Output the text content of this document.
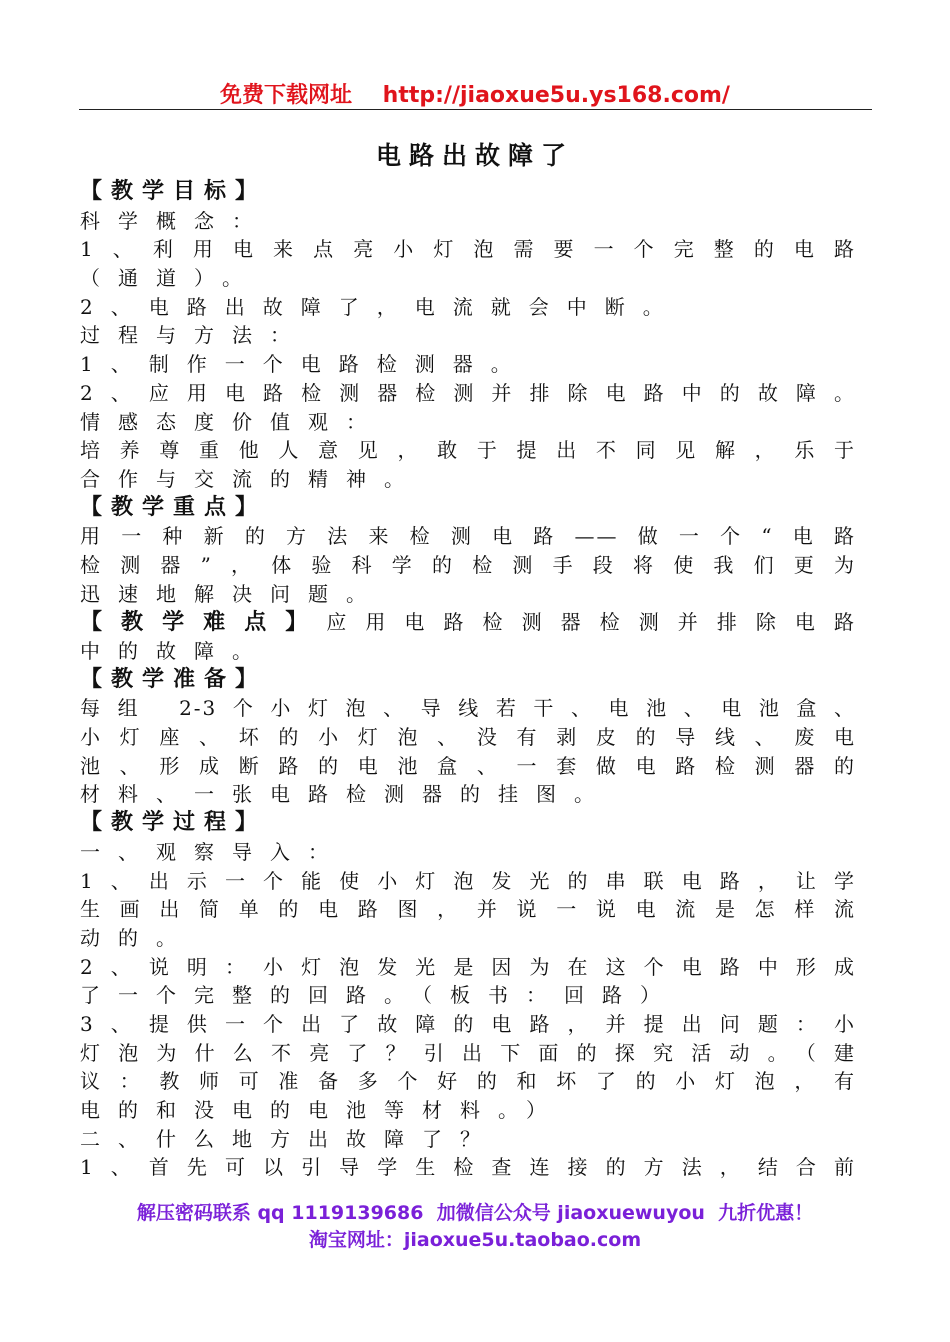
免费下载网址 http://jiaoxue5u.ys168.com/
电路出故障了
【教学目标】
科学概念：
1、利用电来点亮小灯泡需要一个完整的电路
（通道）。
2、电路出故障了，电流就会中断。
过程与方法：
1、制作一个电路检测器。
2、应用电路检测器检测并排除电路中的故障。
情感态度价值观：
培养尊重他人意见，敢于提出不同见解，乐于
合作与交流的精神。
【教学重点】
用一种新的方法来检测电路——做一个“电路
检测器”，体验科学的检测手段将使我们更为
迅速地解决问题。
【教学难点】应用电路检测器检测并排除电路
中的故障。
【教学准备】
每组 2-3个小灯泡、导线若干、电池、电池盒、
小灯座、坏的小灯泡、没有剥皮的导线、废电
池、形成断路的电池盒、一套做电路检测器的
材料、一张电路检测器的挂图。
【教学过程】
一、观察导入：
1、出示一个能使小灯泡发光的串联电路，让学
生画出简单的电路图，并说一说电流是怎样流
动的。
2、说明：小灯泡发光是因为在这个电路中形成
了一个完整的回路。（板书：回路）
3、提供一个出了故障的电路，并提出问题：小
灯泡为什么不亮了？引出下面的探究活动。（建
议：教师可准备多个好的和坏了的小灯泡，有
电的和没电的电池等材料。）
二、什么地方出故障了？
1、首先可以引导学生检查连接的方法，结合前
解压密码联系 qq 1119139686  加微信公众号 jiaoxuewuyou  九折优惠！
淘宝网址：jiaoxue5u.taobao.com
